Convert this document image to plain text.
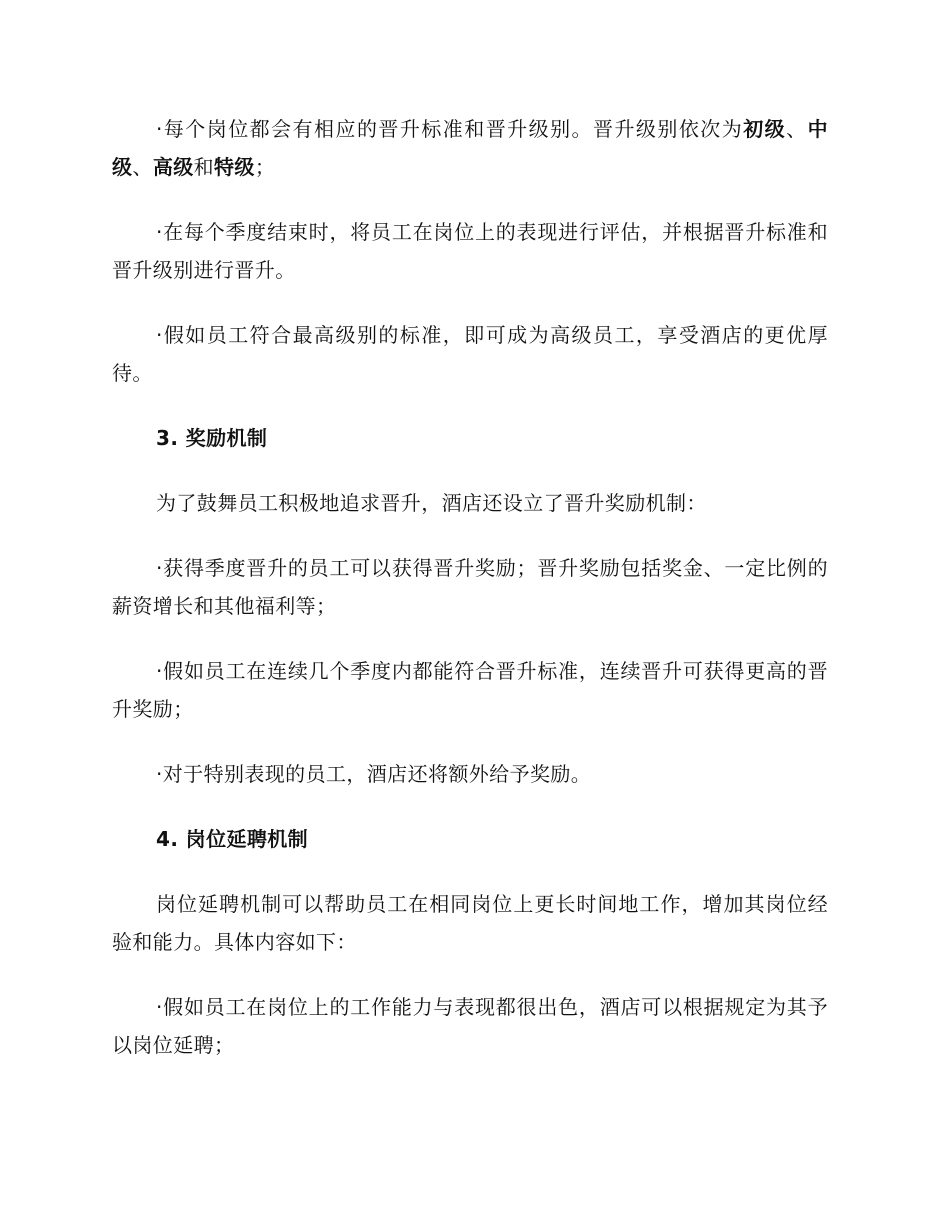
·每个岗位都会有相应的晋升标准和晋升级别。晋升级别依次为初级、中级、高级和特级；

·在每个季度结束时，将员工在岗位上的表现进行评估，并根据晋升标准和晋升级别进行晋升。

·假如员工符合最高级别的标准，即可成为高级员工，享受酒店的更优厚待。

3. 奖励机制

为了鼓舞员工积极地追求晋升，酒店还设立了晋升奖励机制：

·获得季度晋升的员工可以获得晋升奖励；晋升奖励包括奖金、一定比例的薪资增长和其他福利等；

·假如员工在连续几个季度内都能符合晋升标准，连续晋升可获得更高的晋升奖励；

·对于特别表现的员工，酒店还将额外给予奖励。

4. 岗位延聘机制

岗位延聘机制可以帮助员工在相同岗位上更长时间地工作，增加其岗位经验和能力。具体内容如下：

·假如员工在岗位上的工作能力与表现都很出色，酒店可以根据规定为其予以岗位延聘；
